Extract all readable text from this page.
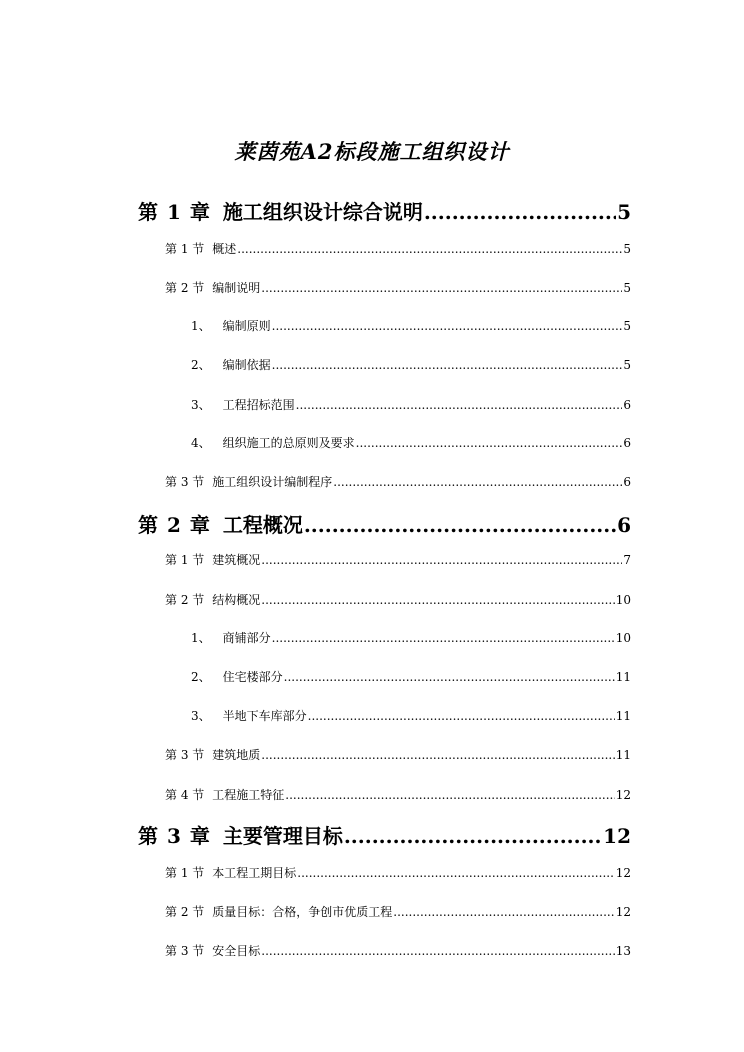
莱茵苑A2标段施工组织设计
第 1 章 施工组织设计综合说明 .....	5
第 1 节 概述 .....	5
第 2 节 编制说明 .....	5
1、 编制原则 .....	5
2、 编制依据 .....	5
3、 工程招标范围 .....	6
4、 组织施工的总原则及要求 .....	6
第 3 节 施工组织设计编制程序 .....	6
第 2 章 工程概况 .....	6
第 1 节 建筑概况 .....	7
第 2 节 结构概况 .....	10
1、 商铺部分 .....	10
2、 住宅楼部分 .....	11
3、 半地下车库部分 .....	11
第 3 节 建筑地质 .....	11
第 4 节 工程施工特征 .....	12
第 3 章 主要管理目标 .....	12
第 1 节 本工程工期目标 .....	12
第 2 节 质量目标：合格，争创市优质工程 .....	12
第 3 节 安全目标 .....	13
